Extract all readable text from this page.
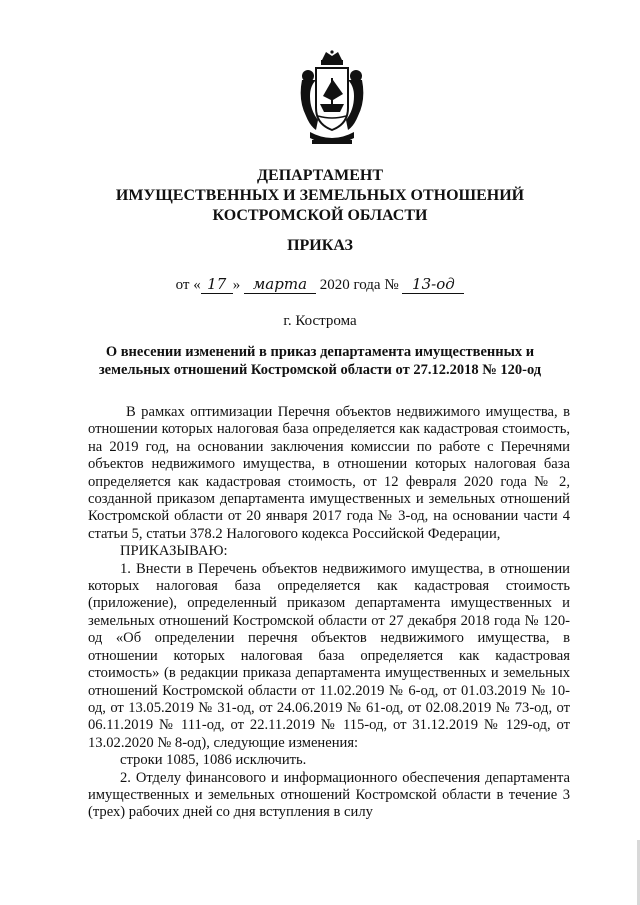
ДЕПАРТАМЕНТ
ИМУЩЕСТВЕННЫХ И ЗЕМЕЛЬНЫХ ОТНОШЕНИЙ
КОСТРОМСКОЙ ОБЛАСТИ
ПРИКАЗ
от « 17 » марта 2020 года № 13-од
г. Кострома
О внесении изменений в приказ департамента имущественных и
земельных отношений Костромской области от 27.12.2018 № 120-од

В рамках оптимизации Перечня объектов недвижимого имущества, в отношении которых налоговая база определяется как кадастровая стоимость, на 2019 год, на основании заключения комиссии по работе с Перечнями объектов недвижимого имущества, в отношении которых налоговая база определяется как кадастровая стоимость, от 12 февраля 2020 года № 2, созданной приказом департамента имущественных и земельных отношений Костромской области от 20 января 2017 года № 3-од, на основании части 4 статьи 5, статьи 378.2 Налогового кодекса Российской Федерации,

ПРИКАЗЫВАЮ:

1. Внести в Перечень объектов недвижимого имущества, в отношении которых налоговая база определяется как кадастровая стоимость (приложение), определенный приказом департамента имущественных и земельных отношений Костромской области от 27 декабря 2018 года № 120-од «Об определении перечня объектов недвижимого имущества, в отношении которых налоговая база определяется как кадастровая стоимость» (в редакции приказа департамента имущественных и земельных отношений Костромской области от 11.02.2019 № 6-од, от 01.03.2019 № 10-од, от 13.05.2019 № 31-од, от 24.06.2019 № 61-од, от 02.08.2019 № 73-од, от 06.11.2019 № 111-од, от 22.11.2019 № 115-од, от 31.12.2019 № 129-од, от 13.02.2020 № 8-од), следующие изменения:

строки 1085, 1086 исключить.

2. Отделу финансового и информационного обеспечения департамента имущественных и земельных отношений Костромской области в течение 3 (трех) рабочих дней со дня вступления в силу
